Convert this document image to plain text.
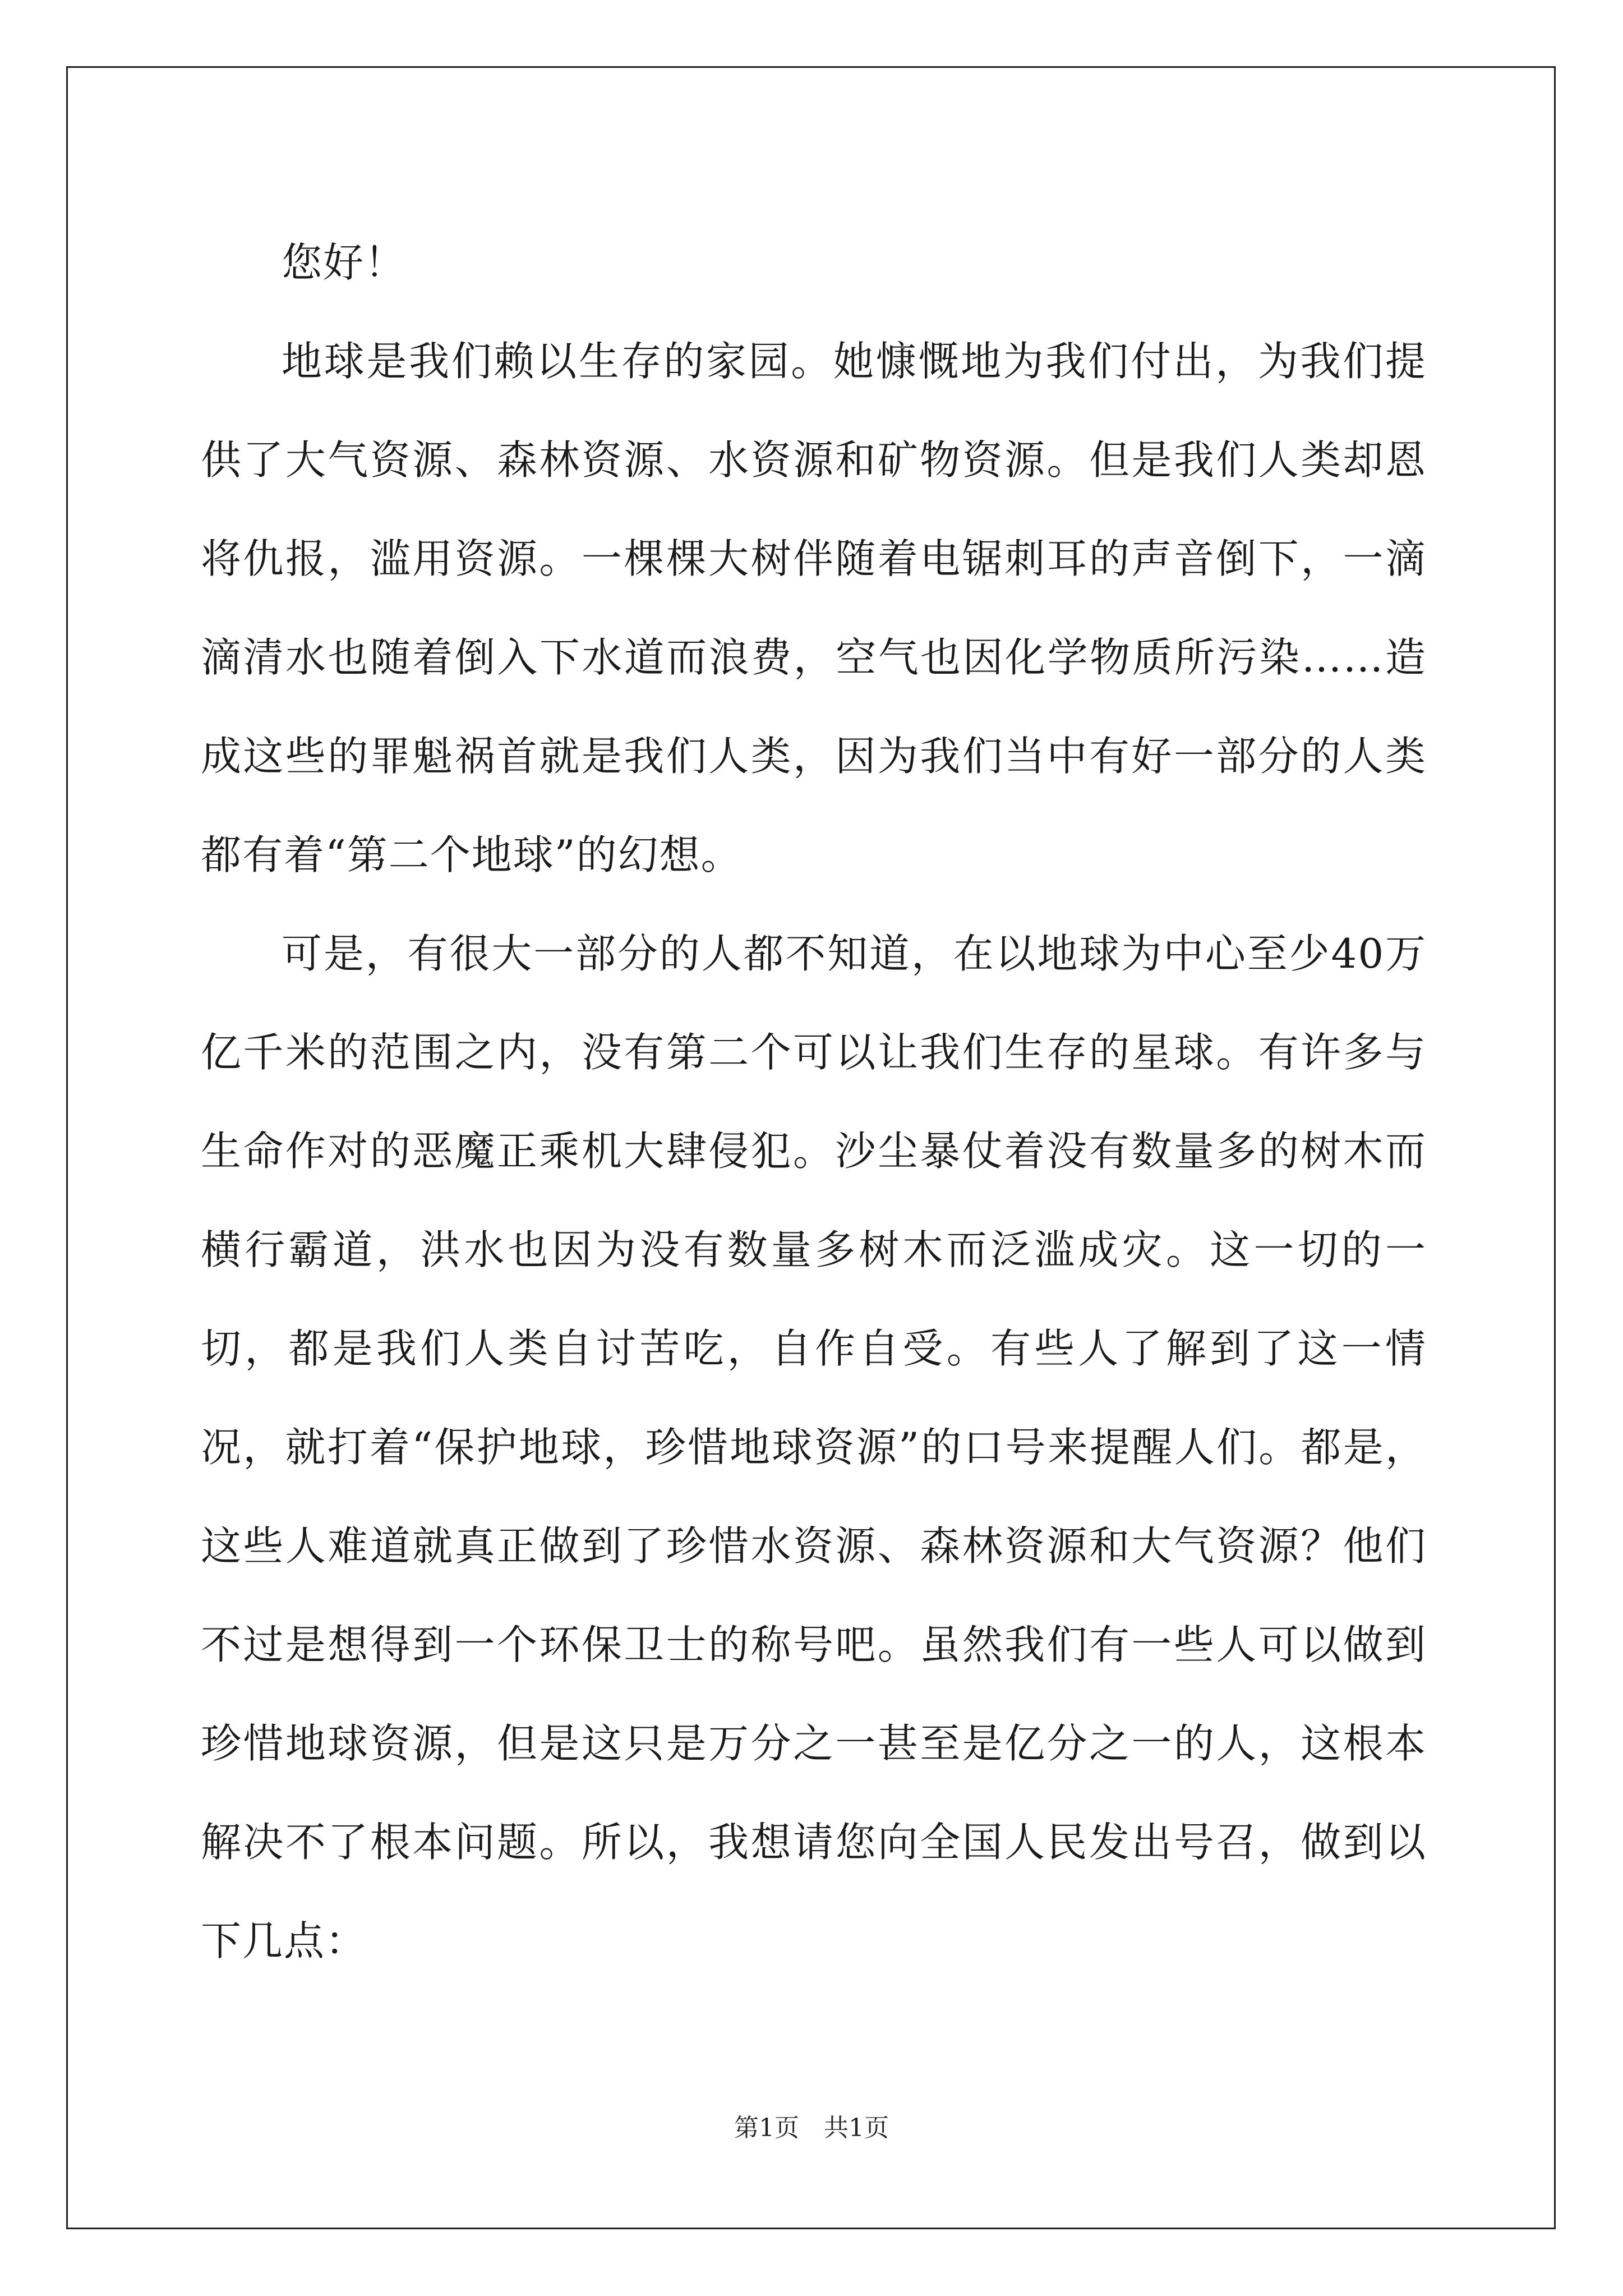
您好！

地球是我们赖以生存的家园。她慷慨地为我们付出，为我们提供了大气资源、森林资源、水资源和矿物资源。但是我们人类却恩将仇报，滥用资源。一棵棵大树伴随着电锯刺耳的声音倒下，一滴滴清水也随着倒入下水道而浪费，空气也因化学物质所污染……造成这些的罪魁祸首就是我们人类，因为我们当中有好一部分的人类都有着“第二个地球”的幻想。

可是，有很大一部分的人都不知道，在以地球为中心至少40万亿千米的范围之内，没有第二个可以让我们生存的星球。有许多与生命作对的恶魔正乘机大肆侵犯。沙尘暴仗着没有数量多的树木而横行霸道，洪水也因为没有数量多树木而泛滥成灾。这一切的一切，都是我们人类自讨苦吃，自作自受。有些人了解到了这一情况，就打着“保护地球，珍惜地球资源”的口号来提醒人们。都是，这些人难道就真正做到了珍惜水资源、森林资源和大气资源？他们不过是想得到一个环保卫士的称号吧。虽然我们有一些人可以做到珍惜地球资源，但是这只是万分之一甚至是亿分之一的人，这根本解决不了根本问题。所以，我想请您向全国人民发出号召，做到以下几点：

第1页　共1页
